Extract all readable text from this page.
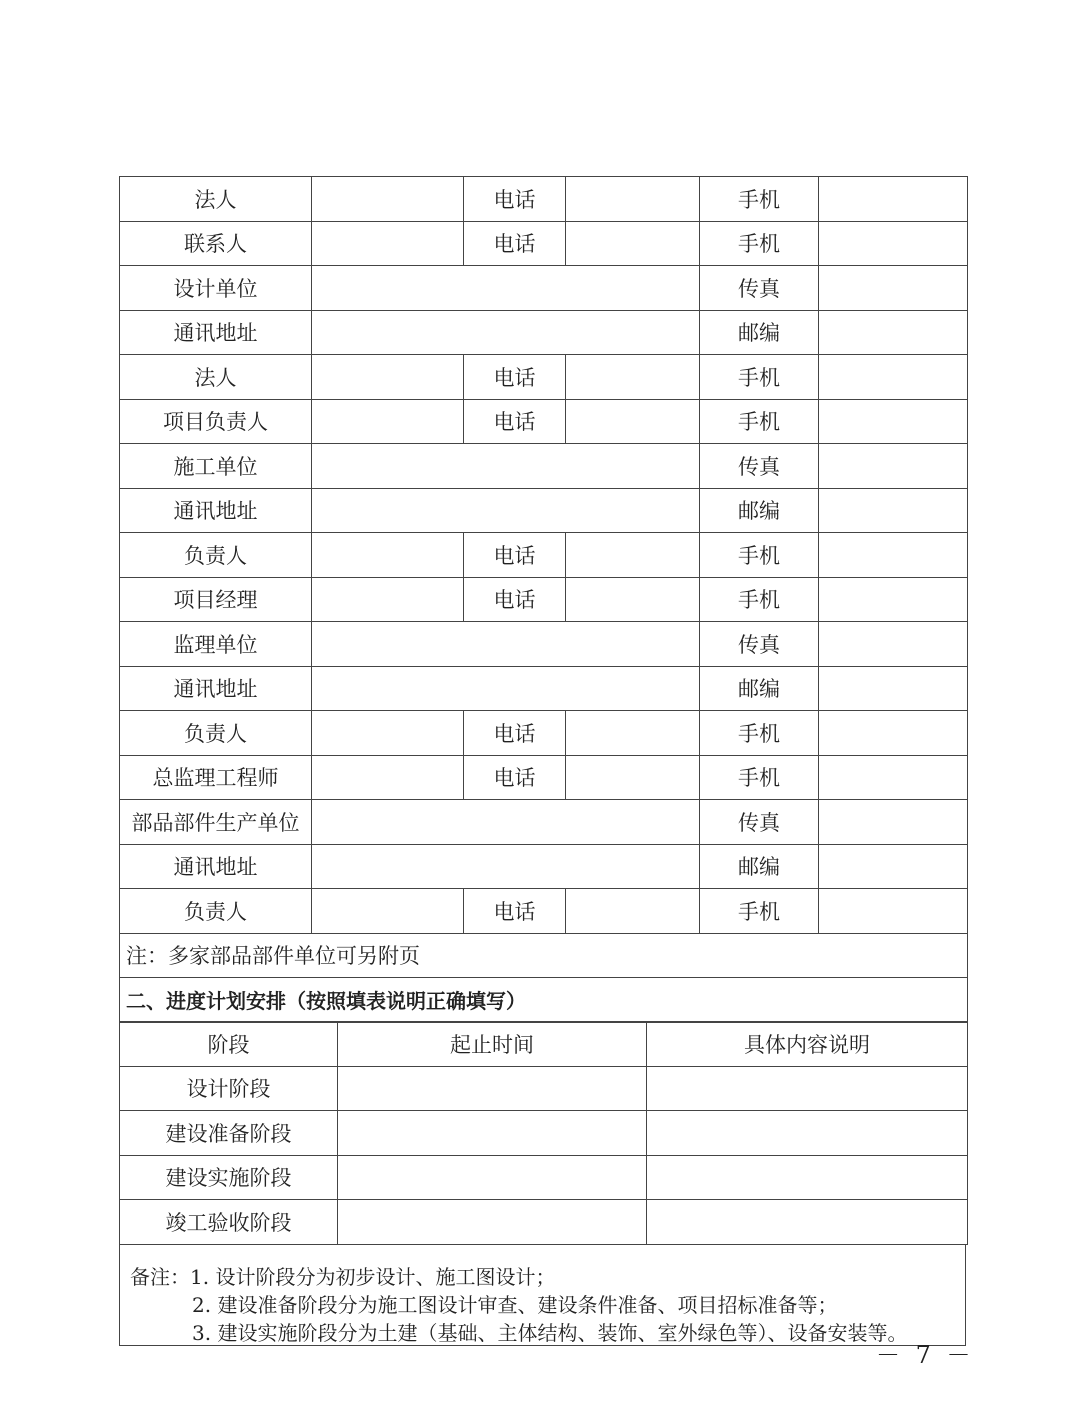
法人		电话		手机	
联系人		电话		手机	
设计单位				传真	
通讯地址				邮编	
法人		电话		手机	
项目负责人		电话		手机	
施工单位				传真	
通讯地址				邮编	
负责人		电话		手机	
项目经理		电话		手机	
监理单位				传真	
通讯地址				邮编	
负责人		电话		手机	
总监理工程师		电话		手机	
部品部件生产单位				传真	
通讯地址				邮编	
负责人		电话		手机	
注：多家部品部件单位可另附页					
二、进度计划安排（按照填表说明正确填写）					
阶段	起止时间	具体内容说明
设计阶段		
建设准备阶段		
建设实施阶段		
竣工验收阶段		
备注：1. 设计阶段分为初步设计、施工图设计；
2. 建设准备阶段分为施工图设计审查、建设条件准备、项目招标准备等；
3. 建设实施阶段分为土建（基础、主体结构、装饰、室外绿色等）、设备安装等。
－ 7 －
